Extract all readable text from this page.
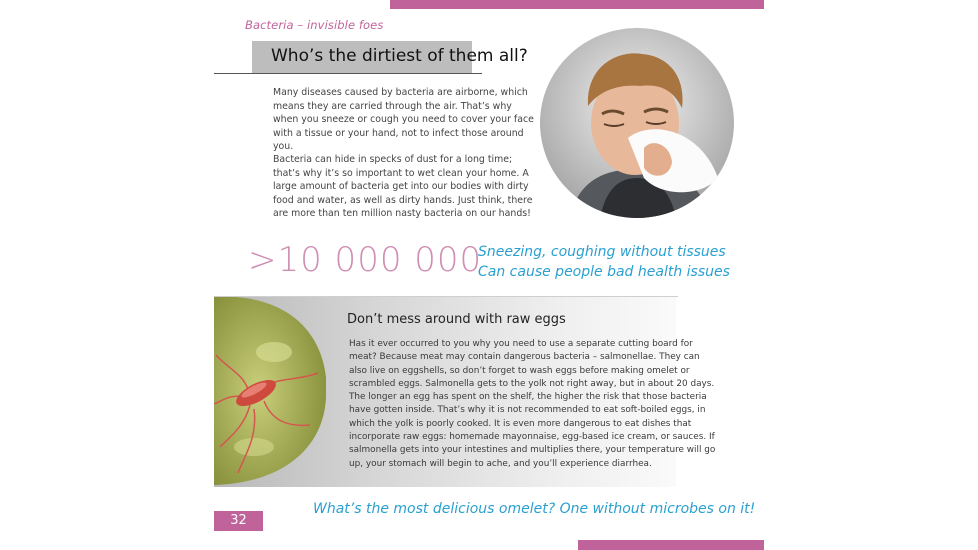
Bacteria – invisible foes
Who’s the dirtiest of them all?
Many diseases caused by bacteria are airborne, which means they are carried through the air. That’s why when you sneeze or cough you need to cover your face with a tissue or your hand, not to infect those around you.
Bacteria can hide in specks of dust for a long time; that’s why it’s so important to wet clean your home. A large amount of bacteria get into our bodies with dirty food and water, as well as dirty hands. Just think, there are more than ten million nasty bacteria on our hands!
>10 000 000
Sneezing, coughing without tissues
Can cause people bad health issues
Don’t mess around with raw eggs
Has it ever occurred to you why you need to use a separate cutting board for meat? Because meat may contain dangerous bacteria – salmonellae. They can also live on eggshells, so don’t forget to wash eggs before making omelet or scrambled eggs. Salmonella gets to the yolk not right away, but in about 20 days. The longer an egg has spent on the shelf, the higher the risk that those bacteria have gotten inside. That’s why it is not recommended to eat soft-boiled eggs, in which the yolk is poorly cooked. It is even more dangerous to eat dishes that incorporate raw eggs: homemade mayonnaise, egg-based ice cream, or sauces. If salmonella gets into your intestines and multiplies there, your temperature will go up, your stomach will begin to ache, and you’ll experience diarrhea.
32
What’s the most delicious omelet? One without microbes on it!
